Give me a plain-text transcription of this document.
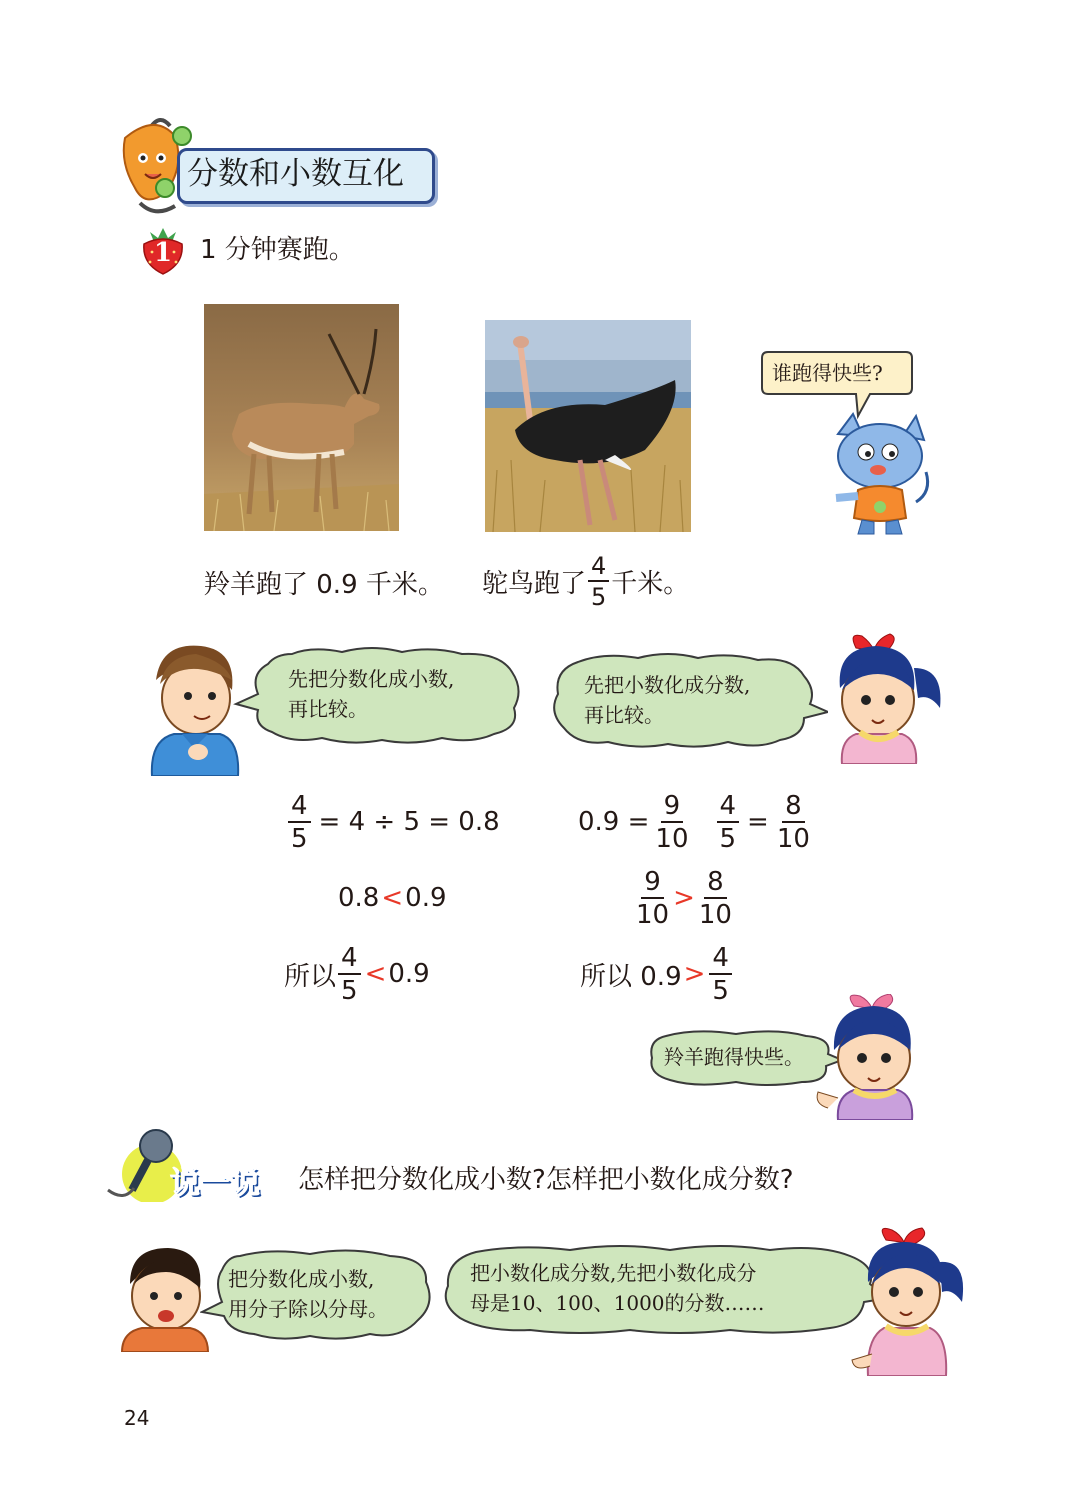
分数和小数互化
1	1 分钟赛跑。
谁跑得快些?
羚羊跑了 0.9 千米。 鸵鸟跑了 $\frac{4}{5}$ 千米。
先把分数化成小数,
再比较。
先把小数化成分数,
再比较。
$\frac{4}{5} = 4 \div 5 = 0.8$
0.8 < 0.9
所以 $\frac{4}{5} < 0.9$
$0.9 = \frac{9}{10} \frac{4}{5} = \frac{8}{10}$
$\frac{9}{10} > \frac{8}{10}$
所以 $0.9 > \frac{4}{5}$
羚羊跑得快些。
说一说 怎样把分数化成小数?怎样把小数化成分数?
把分数化成小数,
用分子除以分母。
把小数化成分数,先把小数化成分
母是10、100、1000的分数……
24
